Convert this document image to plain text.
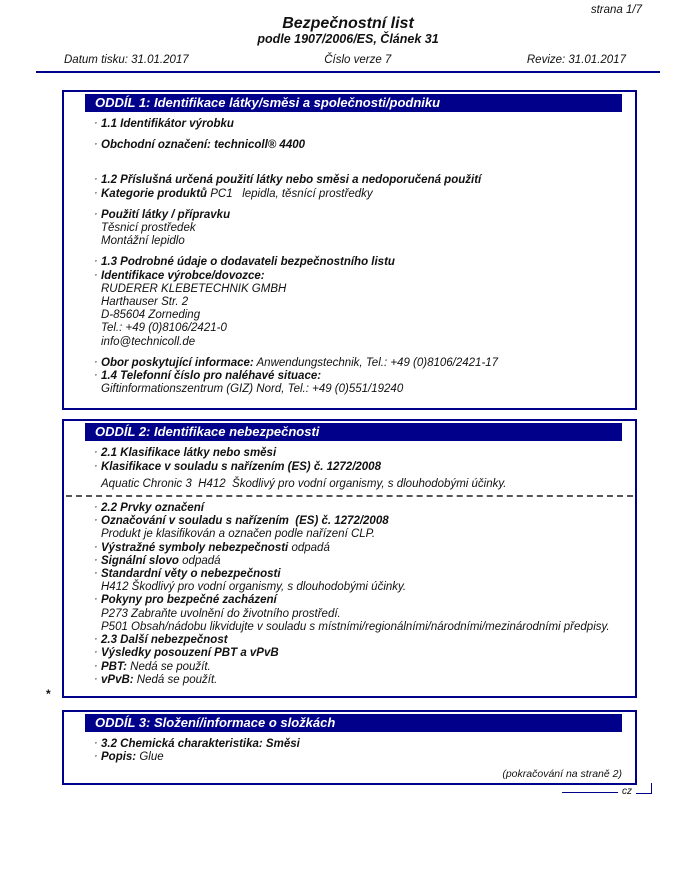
strana 1/7
Bezpečnostní list
podle 1907/2006/ES, Článek 31
Datum tisku: 31.01.2017	Číslo verze 7	Revize: 31.01.2017
ODDÍL 1: Identifikace látky/směsi a společnosti/podniku
· 1.1 Identifikátor výrobku
· Obchodní označení: technicoll® 4400
· 1.2 Příslušná určená použití látky nebo směsi a nedoporučená použití
· Kategorie produktů PC1   lepidla, těsnící prostředky
· Použití látky / přípravku
Těsnicí prostředek
Montážní lepidlo
· 1.3 Podrobné údaje o dodavateli bezpečnostního listu
· Identifikace výrobce/dovozce:
RUDERER KLEBETECHNIK GMBH
Harthauser Str. 2
D-85604 Zorneding
Tel.: +49 (0)8106/2421-0
info@technicoll.de
· Obor poskytující informace: Anwendungstechnik, Tel.: +49 (0)8106/2421-17
· 1.4 Telefonní číslo pro naléhavé situace:
Giftinformationszentrum (GIZ) Nord, Tel.: +49 (0)551/19240
ODDÍL 2: Identifikace nebezpečnosti
· 2.1 Klasifikace látky nebo směsi
· Klasifikace v souladu s nařízením (ES) č. 1272/2008
Aquatic Chronic 3  H412  Škodlivý pro vodní organismy, s dlouhodobými účinky.
· 2.2 Prvky označení
· Označování v souladu s nařízením  (ES) č. 1272/2008
Produkt je klasifikován a označen podle nařízení CLP.
· Výstražné symboly nebezpečnosti odpadá
· Signální slovo odpadá
· Standardní věty o nebezpečnosti
H412 Škodlivý pro vodní organismy, s dlouhodobými účinky.
· Pokyny pro bezpečné zacházení
P273 Zabraňte uvolnění do životního prostředí.
P501 Obsah/nádobu likvidujte v souladu s místními/regionálními/národními/mezinárodními předpisy.
· 2.3 Další nebezpečnost
· Výsledky posouzení PBT a vPvB
· PBT: Nedá se použít.
· vPvB: Nedá se použít.
*
ODDÍL 3: Složení/informace o složkách
· 3.2 Chemická charakteristika: Směsi
· Popis: Glue
(pokračování na straně 2)
cz
